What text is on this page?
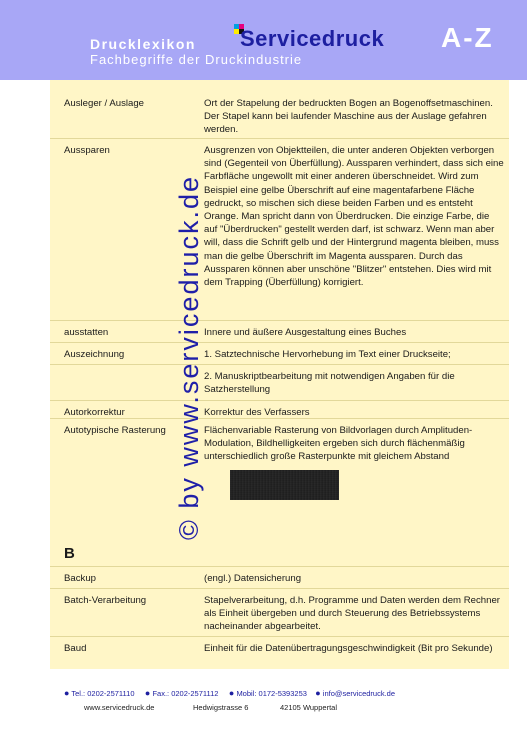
Drucklexikon
Fachbegriffe der Druckindustrie
Servicedruck A-Z
Ausleger / Auslage	Ort der Stapelung der bedruckten Bogen an Bogenoffsetmaschinen. Der Stapel kann bei laufender Maschine aus der Auslage gefahren werden.
Aussparen	Ausgrenzen von Objektteilen, die unter anderen Objekten verborgen sind (Gegenteil von Überfüllung). Aussparen verhindert, dass sich eine Farbfläche ungewollt mit einer anderen überschneidet. Wird zum Beispiel eine gelbe Überschrift auf eine magentafarbene Fläche gedruckt, so mischen sich diese beiden Farben und es entsteht Orange. Man spricht dann von Überdrucken. Die einzige Farbe, die auf "Überdrucken" gestellt werden darf, ist schwarz. Wenn man aber will, dass die Schrift gelb und der Hintergrund magenta bleiben, muss man die gelbe Überschrift im Magenta aussparen. Durch das Aussparen können aber unschöne "Blitzer" entstehen. Dies wird mit dem Trapping (Überfüllung) korrigiert.
ausstatten	Innere und äußere Ausgestaltung eines Buches
Auszeichnung	1. Satztechnische Hervorhebung im Text einer Druckseite;
2. Manuskriptbearbeitung mit notwendigen Angaben für die Satzherstellung
Autorkorrektur	Korrektur des Verfassers
Autotypische Rasterung	Flächenvariable Rasterung von Bildvorlagen durch Amplituden-Modulation, Bildhelligkeiten ergeben sich durch flächenmäßig unterschiedlich große Rasterpunkte mit gleichem Abstand
B
Backup	(engl.) Datensicherung
Batch-Verarbeitung	Stapelverarbeitung, d.h. Programme und Daten werden dem Rechner als Einheit übergeben und durch Steuerung des Betriebssystems nacheinander abgearbeitet.
Baud	Einheit für die Datenübertragungsgeschwindigkeit (Bit pro Sekunde)
© by www.servicedruck.de
● Tel.: 0202-2571110 ● Fax.: 0202-2571112 ● Mobil: 0172-5393253 ● info@servicedruck.de
www.servicedruck.de	Hedwigstrasse 6	42105 Wuppertal
